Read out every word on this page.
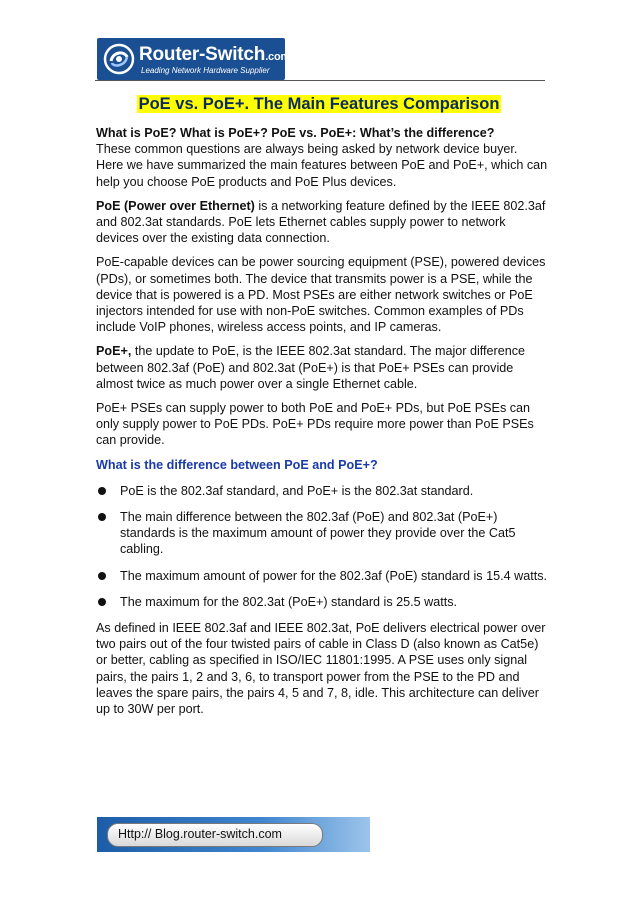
Router-Switch.com
Leading Network Hardware Supplier
PoE vs. PoE+. The Main Features Comparison

What is PoE? What is PoE+? PoE vs. PoE+: What’s the difference?
These common questions are always being asked by network device buyer. Here we have summarized the main features between PoE and PoE+, which can help you choose PoE products and PoE Plus devices.

PoE (Power over Ethernet) is a networking feature defined by the IEEE 802.3af and 802.3at standards. PoE lets Ethernet cables supply power to network devices over the existing data connection.

PoE-capable devices can be power sourcing equipment (PSE), powered devices (PDs), or sometimes both. The device that transmits power is a PSE, while the device that is powered is a PD. Most PSEs are either network switches or PoE injectors intended for use with non-PoE switches. Common examples of PDs include VoIP phones, wireless access points, and IP cameras.

PoE+, the update to PoE, is the IEEE 802.3at standard. The major difference between 802.3af (PoE) and 802.3at (PoE+) is that PoE+ PSEs can provide almost twice as much power over a single Ethernet cable.

PoE+ PSEs can supply power to both PoE and PoE+ PDs, but PoE PSEs can only supply power to PoE PDs. PoE+ PDs require more power than PoE PSEs can provide.

What is the difference between PoE and PoE+?

PoE is the 802.3af standard, and PoE+ is the 802.3at standard.
The main difference between the 802.3af (PoE) and 802.3at (PoE+) standards is the maximum amount of power they provide over the Cat5 cabling.
The maximum amount of power for the 802.3af (PoE) standard is 15.4 watts.
The maximum for the 802.3at (PoE+) standard is 25.5 watts.

As defined in IEEE 802.3af and IEEE 802.3at, PoE delivers electrical power over two pairs out of the four twisted pairs of cable in Class D (also known as Cat5e) or better, cabling as specified in ISO/IEC 11801:1995. A PSE uses only signal pairs, the pairs 1, 2 and 3, 6, to transport power from the PSE to the PD and leaves the spare pairs, the pairs 4, 5 and 7, 8, idle. This architecture can deliver up to 30W per port.

Http:// Blog.router-switch.com
